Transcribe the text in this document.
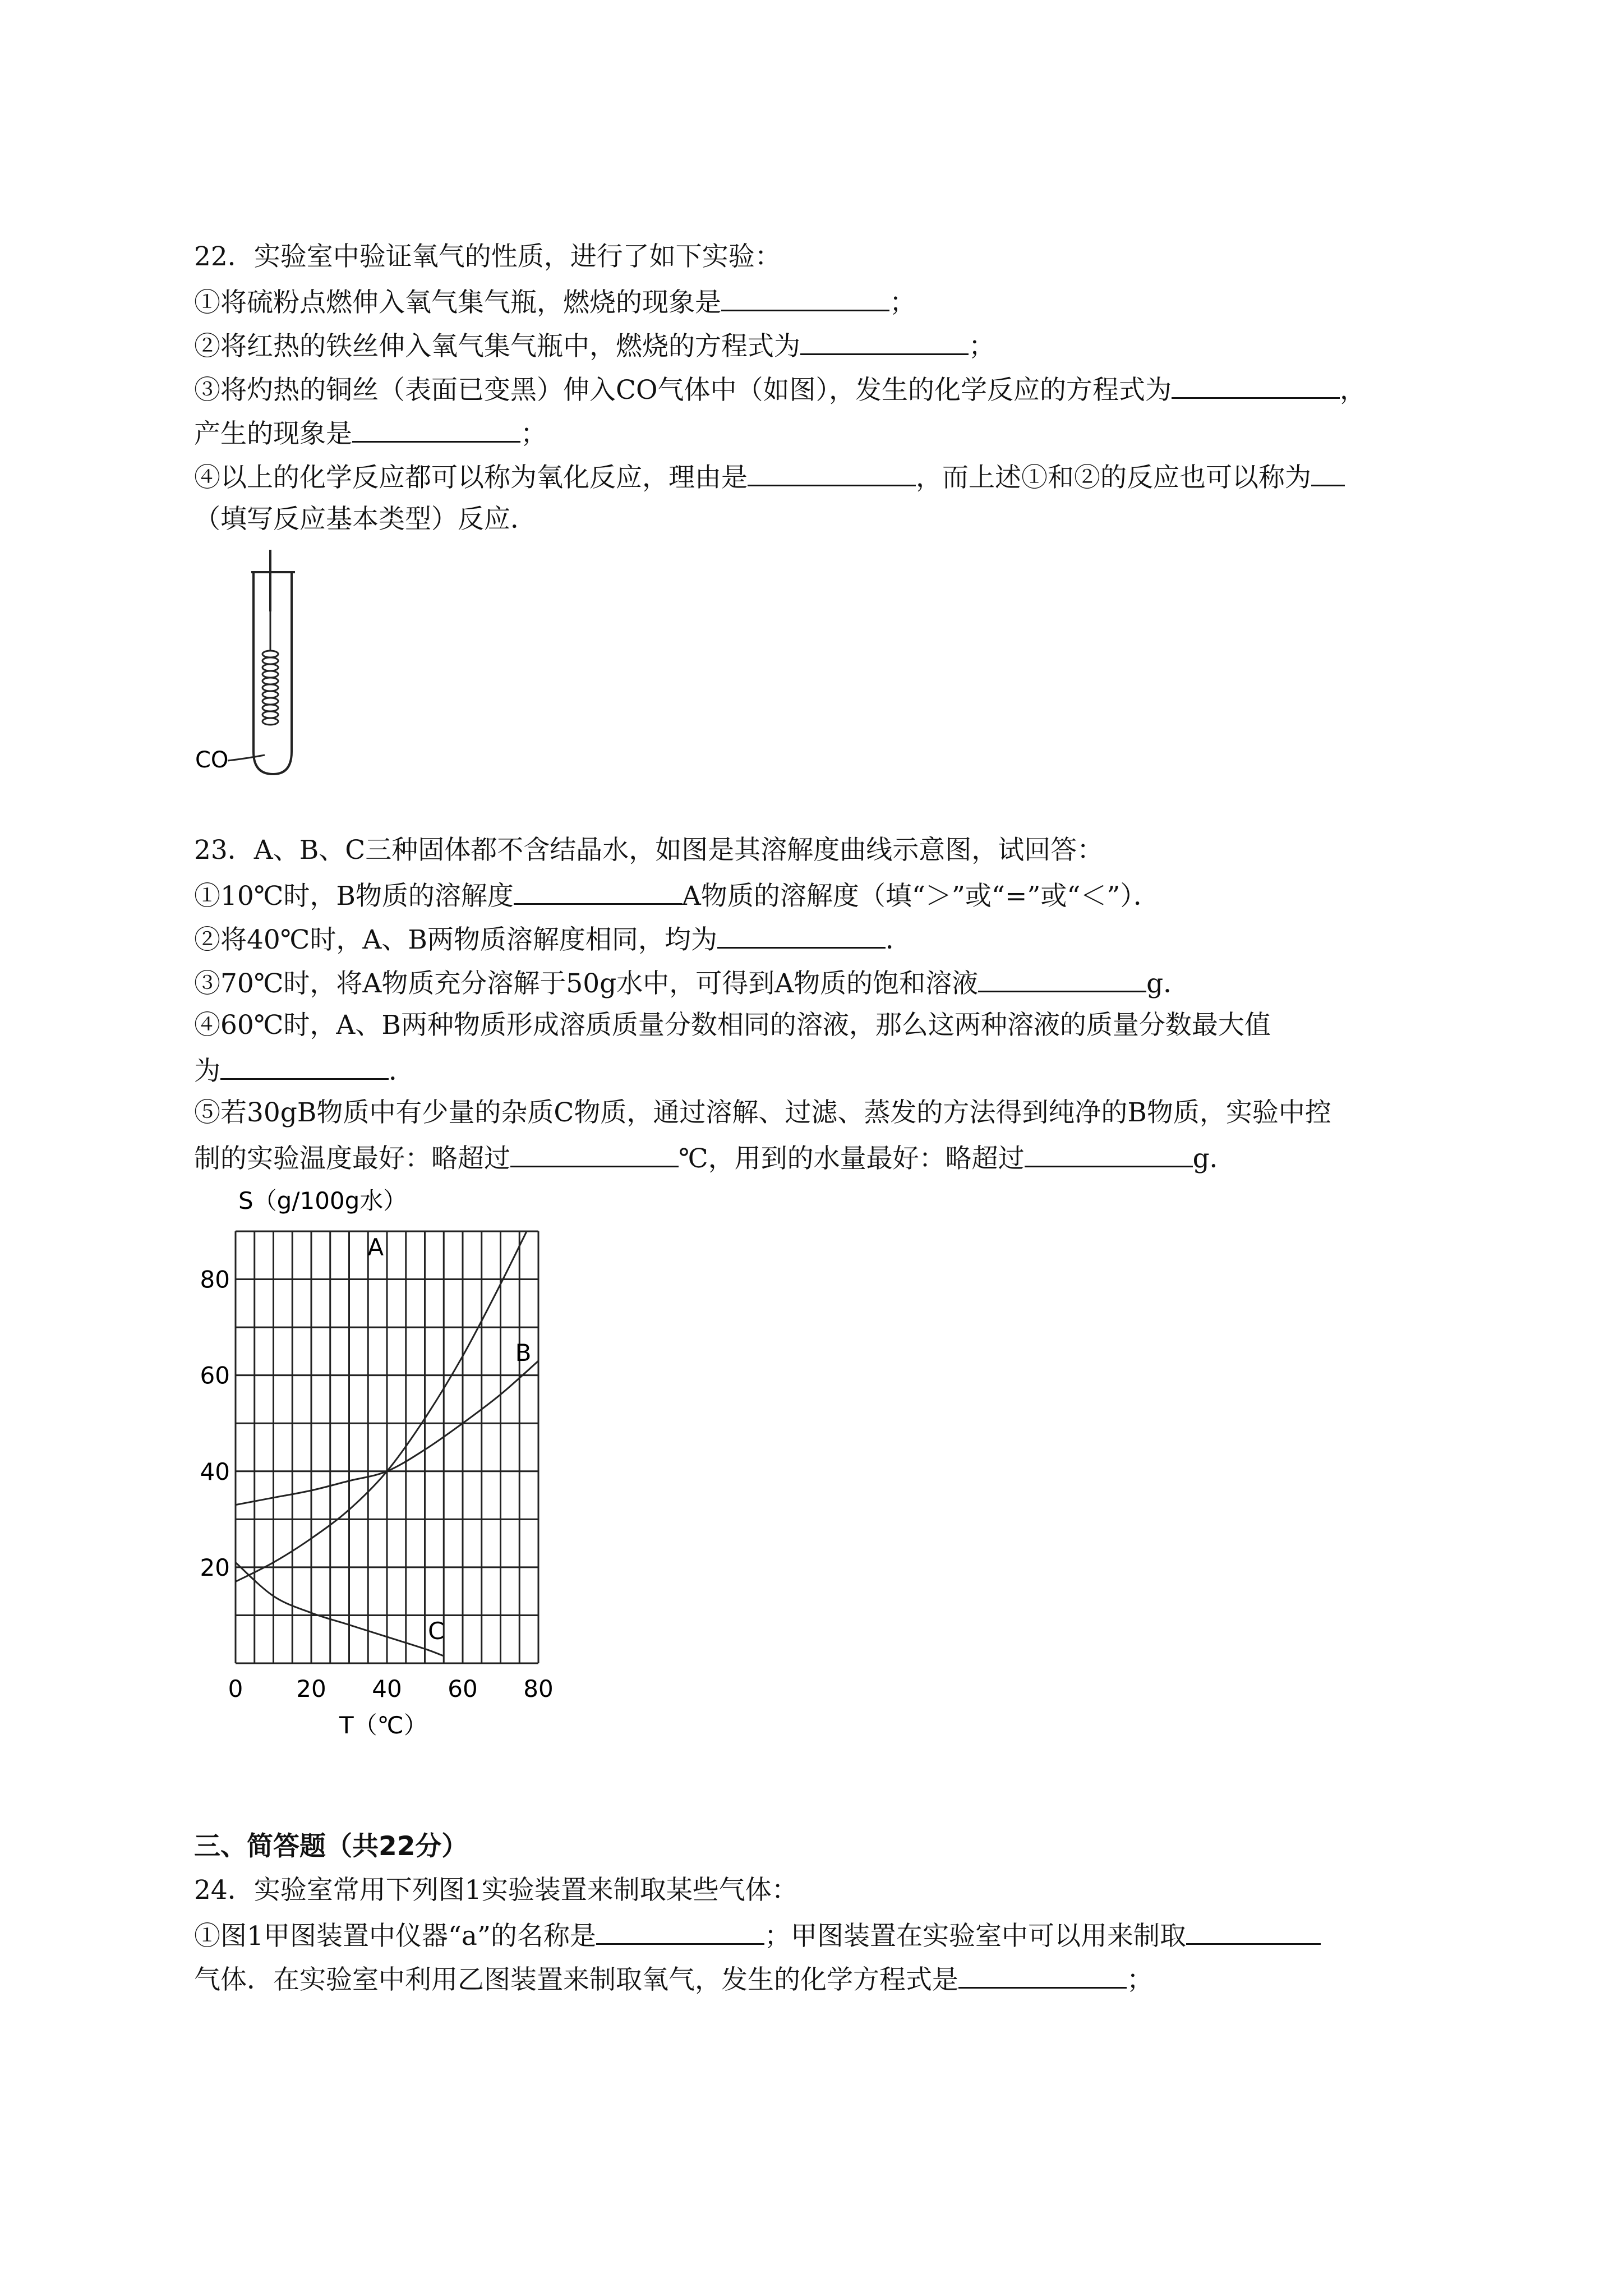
22．实验室中验证氧气的性质，进行了如下实验：
①将硫粉点燃伸入氧气集气瓶，燃烧的现象是	；
②将红热的铁丝伸入氧气集气瓶中，燃烧的方程式为	；
③将灼热的铜丝（表面已变黑）伸入CO气体中（如图），发生的化学反应的方程式为	，
产生的现象是	；
④以上的化学反应都可以称为氧化反应，理由是	，而上述①和②的反应也可以称为
（填写反应基本类型）反应．
CO
23．A、B、C三种固体都不含结晶水，如图是其溶解度曲线示意图，试回答：
①10℃时，B物质的溶解度	A物质的溶解度（填“＞”或“=”或“＜”）．
②将40℃时，A、B两物质溶解度相同，均为	．
③70℃时，将A物质充分溶解于50g水中，可得到A物质的饱和溶液	g．
④60℃时，A、B两种物质形成溶质质量分数相同的溶液，那么这两种溶液的质量分数最大值
为	．
⑤若30gB物质中有少量的杂质C物质，通过溶解、过滤、蒸发的方法得到纯净的B物质，实验中控
制的实验温度最好：略超过	℃，用到的水量最好：略超过	g．
0 20 40 60 80
20
40
60
80
S（g/100g水）
T（℃）
A
B
C
三、简答题（共22分）
24．实验室常用下列图1实验装置来制取某些气体：
①图1甲图装置中仪器“a”的名称是	；甲图装置在实验室中可以用来制取
气体．在实验室中利用乙图装置来制取氧气，发生的化学方程式是	；
